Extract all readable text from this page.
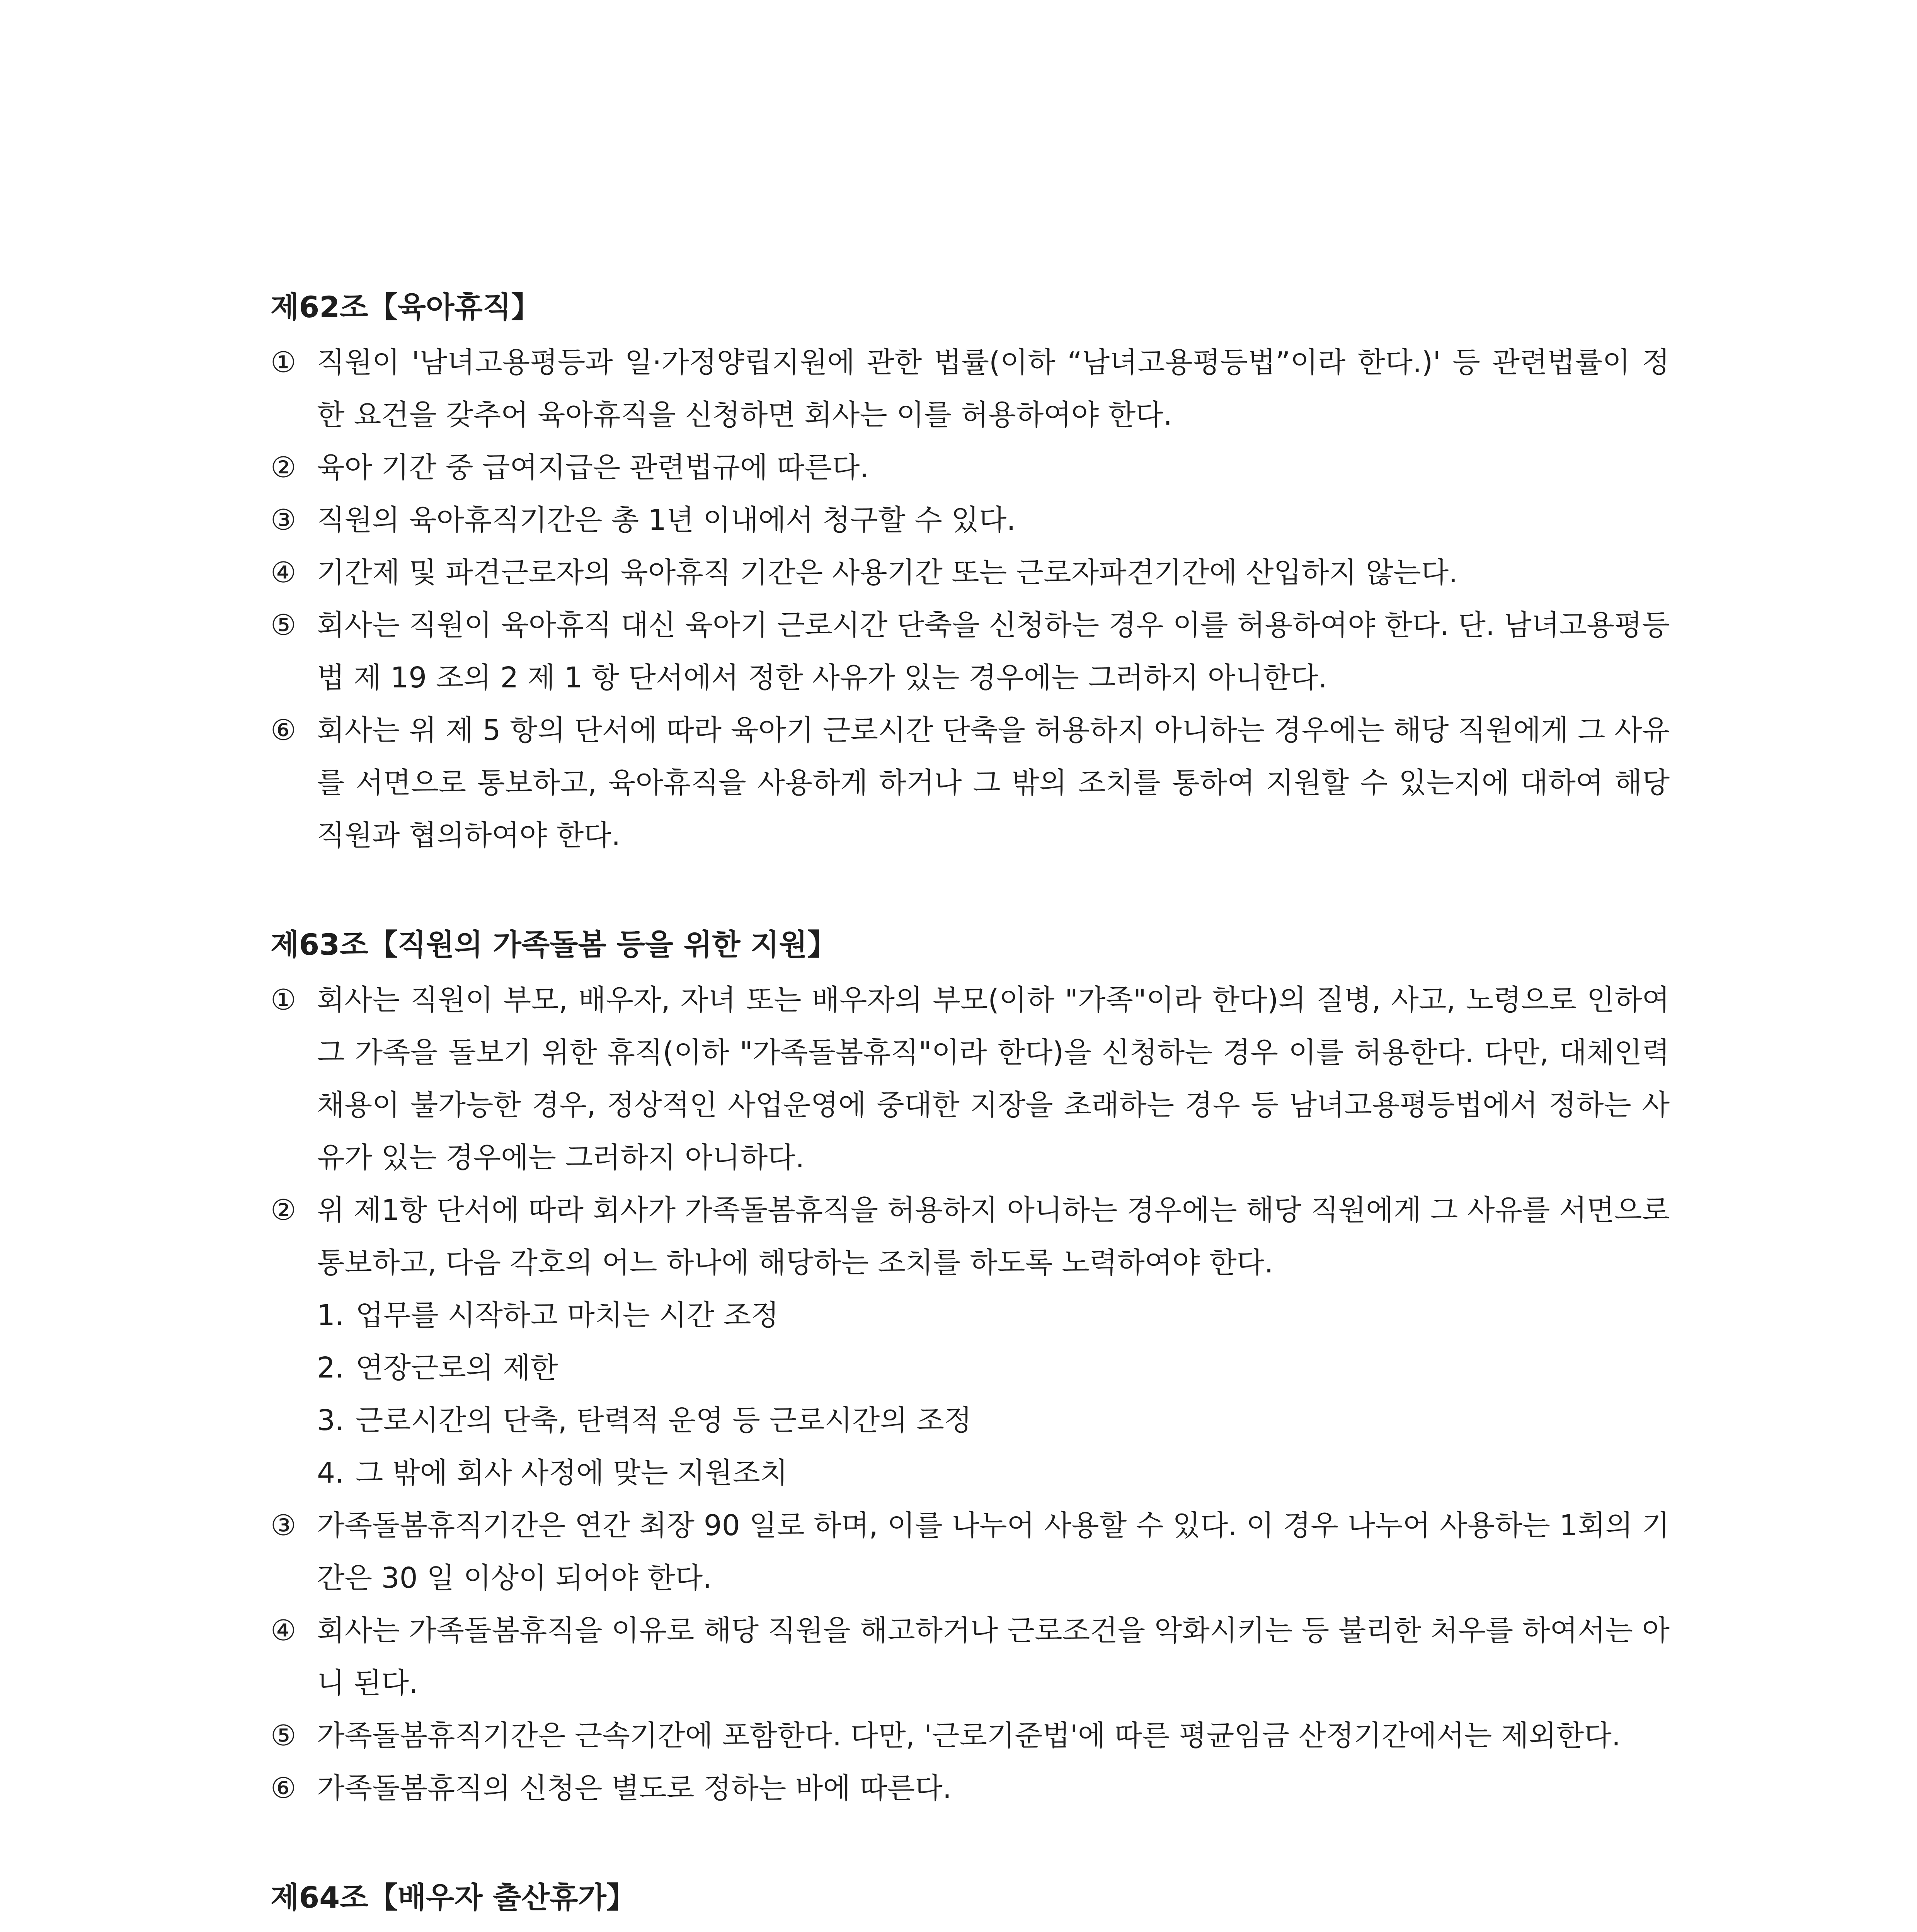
제62조【육아휴직】

① 직원이 '남녀고용평등과 일·가정양립지원에 관한 법률(이하 “남녀고용평등법”이라 한다.)' 등 관련법률이 정한 요건을 갖추어 육아휴직을 신청하면 회사는 이를 허용하여야 한다.

② 육아 기간 중 급여지급은 관련법규에 따른다.

③ 직원의 육아휴직기간은 총 1년 이내에서 청구할 수 있다.

④ 기간제 및 파견근로자의 육아휴직 기간은 사용기간 또는 근로자파견기간에 산입하지 않는다.

⑤ 회사는 직원이 육아휴직 대신 육아기 근로시간 단축을 신청하는 경우 이를 허용하여야 한다. 단. 남녀고용평등법 제 19 조의 2 제 1 항 단서에서 정한 사유가 있는 경우에는 그러하지 아니한다.

⑥ 회사는 위 제 5 항의 단서에 따라 육아기 근로시간 단축을 허용하지 아니하는 경우에는 해당 직원에게 그 사유를 서면으로 통보하고, 육아휴직을 사용하게 하거나 그 밖의 조치를 통하여 지원할 수 있는지에 대하여 해당 직원과 협의하여야 한다.

제63조【직원의 가족돌봄 등을 위한 지원】

① 회사는 직원이 부모, 배우자, 자녀 또는 배우자의 부모(이하 "가족"이라 한다)의 질병, 사고, 노령으로 인하여 그 가족을 돌보기 위한 휴직(이하 "가족돌봄휴직"이라 한다)을 신청하는 경우 이를 허용한다. 다만, 대체인력 채용이 불가능한 경우, 정상적인 사업운영에 중대한 지장을 초래하는 경우 등 남녀고용평등법에서 정하는 사유가 있는 경우에는 그러하지 아니하다.

② 위 제1항 단서에 따라 회사가 가족돌봄휴직을 허용하지 아니하는 경우에는 해당 직원에게 그 사유를 서면으로 통보하고, 다음 각호의 어느 하나에 해당하는 조치를 하도록 노력하여야 한다.

1. 업무를 시작하고 마치는 시간 조정

2. 연장근로의 제한

3. 근로시간의 단축, 탄력적 운영 등 근로시간의 조정

4. 그 밖에 회사 사정에 맞는 지원조치

③ 가족돌봄휴직기간은 연간 최장 90 일로 하며, 이를 나누어 사용할 수 있다. 이 경우 나누어 사용하는 1회의 기간은 30 일 이상이 되어야 한다.

④ 회사는 가족돌봄휴직을 이유로 해당 직원을 해고하거나 근로조건을 악화시키는 등 불리한 처우를 하여서는 아니 된다.

⑤ 가족돌봄휴직기간은 근속기간에 포함한다. 다만, '근로기준법'에 따른 평균임금 산정기간에서는 제외한다.

⑥ 가족돌봄휴직의 신청은 별도로 정하는 바에 따른다.

제64조【배우자 출산휴가】
